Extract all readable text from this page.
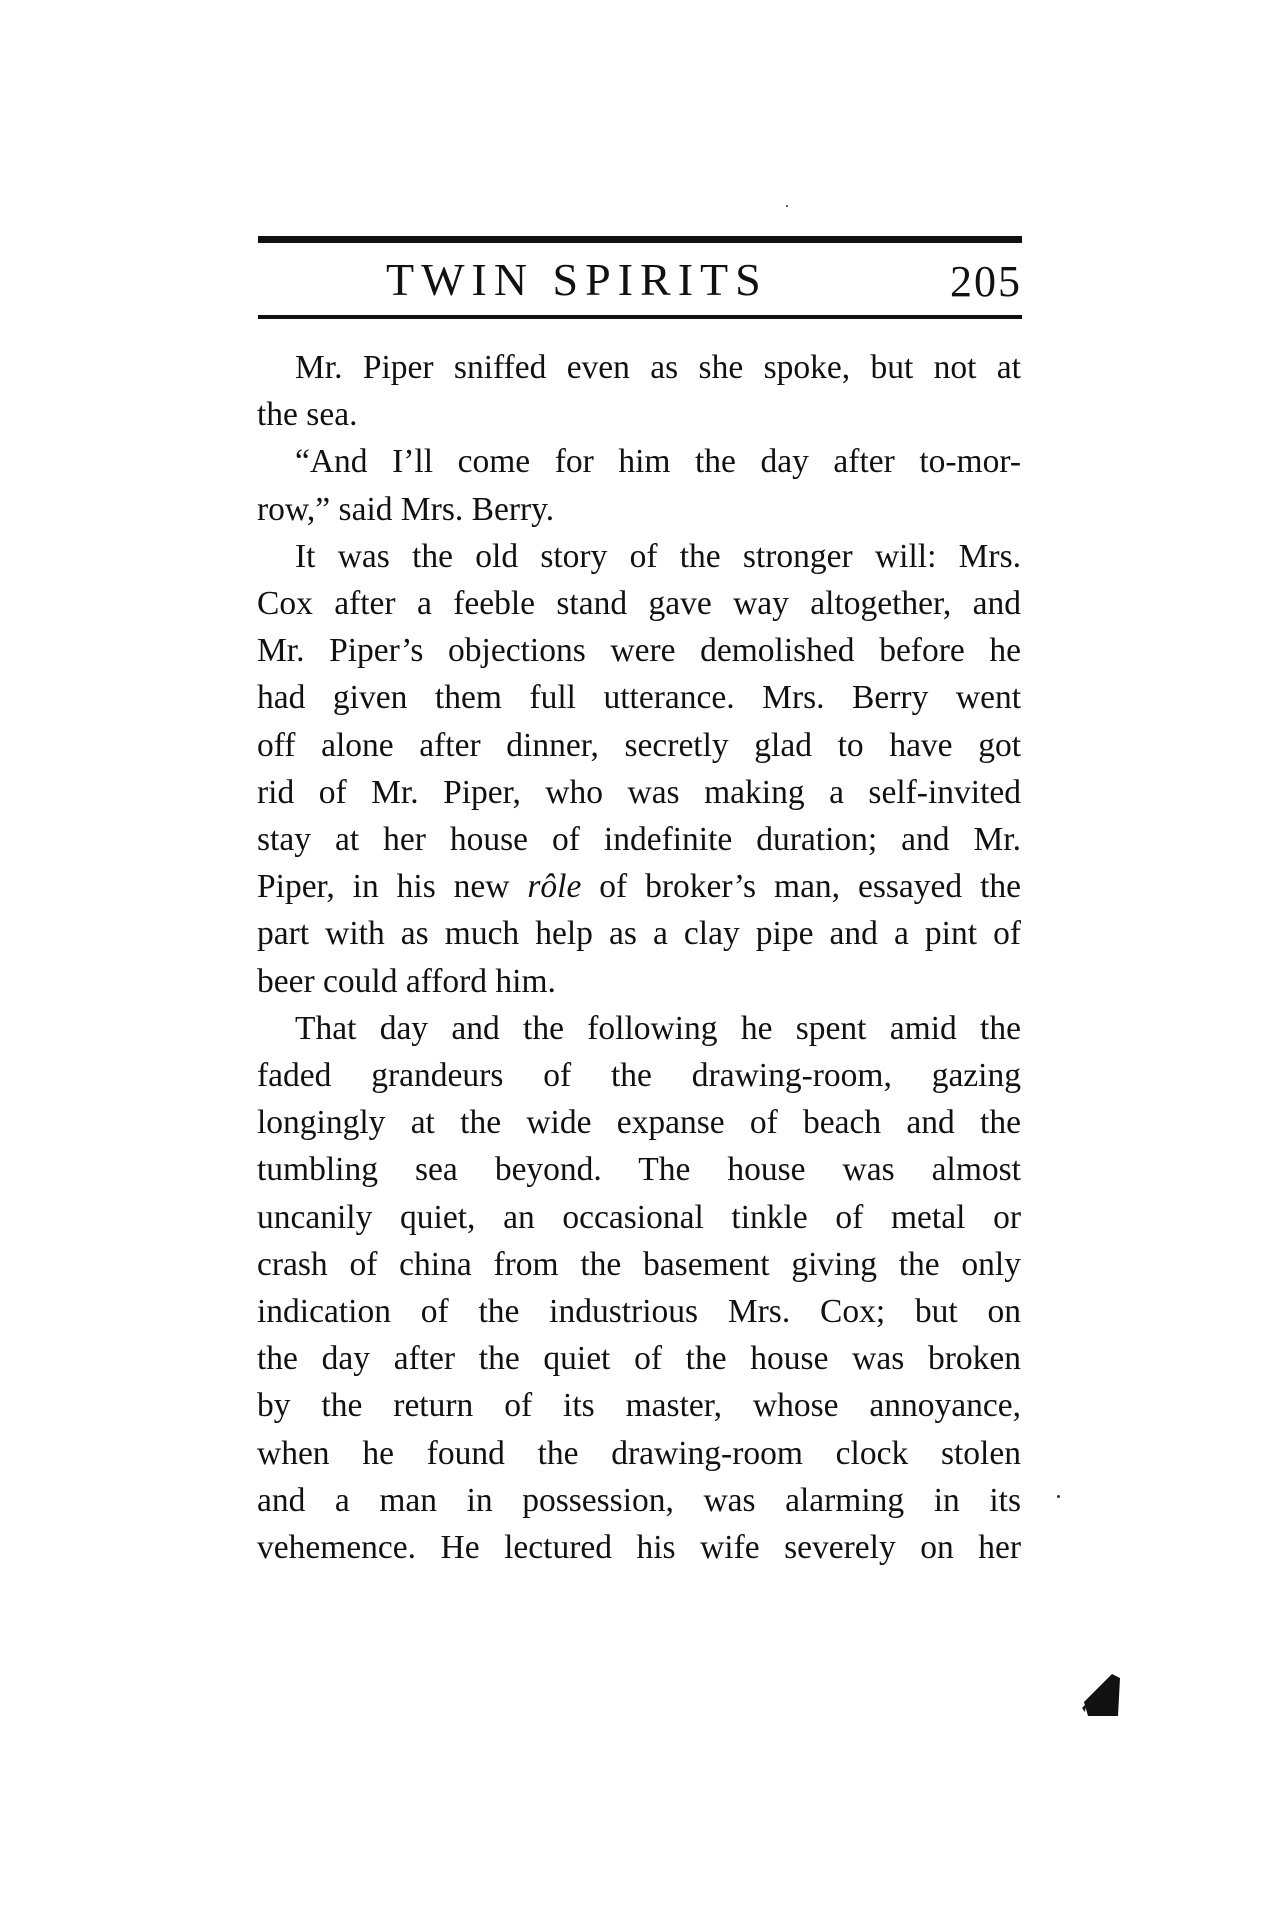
TWIN SPIRITS	205

Mr. Piper sniffed even as she spoke, but not at
the sea.

“And I’ll come for him the day after to-mor-
row,” said Mrs. Berry.

It was the old story of the stronger will: Mrs.
Cox after a feeble stand gave way altogether, and
Mr. Piper’s objections were demolished before he
had given them full utterance. Mrs. Berry went
off alone after dinner, secretly glad to have got
rid of Mr. Piper, who was making a self-invited
stay at her house of indefinite duration; and Mr.
Piper, in his new rôle of broker’s man, essayed the
part with as much help as a clay pipe and a pint of
beer could afford him.

That day and the following he spent amid the
faded grandeurs of the drawing-room, gazing
longingly at the wide expanse of beach and the
tumbling sea beyond. The house was almost
uncanily quiet, an occasional tinkle of metal or
crash of china from the basement giving the only
indication of the industrious Mrs. Cox; but on
the day after the quiet of the house was broken
by the return of its master, whose annoyance,
when he found the drawing-room clock stolen
and a man in possession, was alarming in its
vehemence. He lectured his wife severely on her
